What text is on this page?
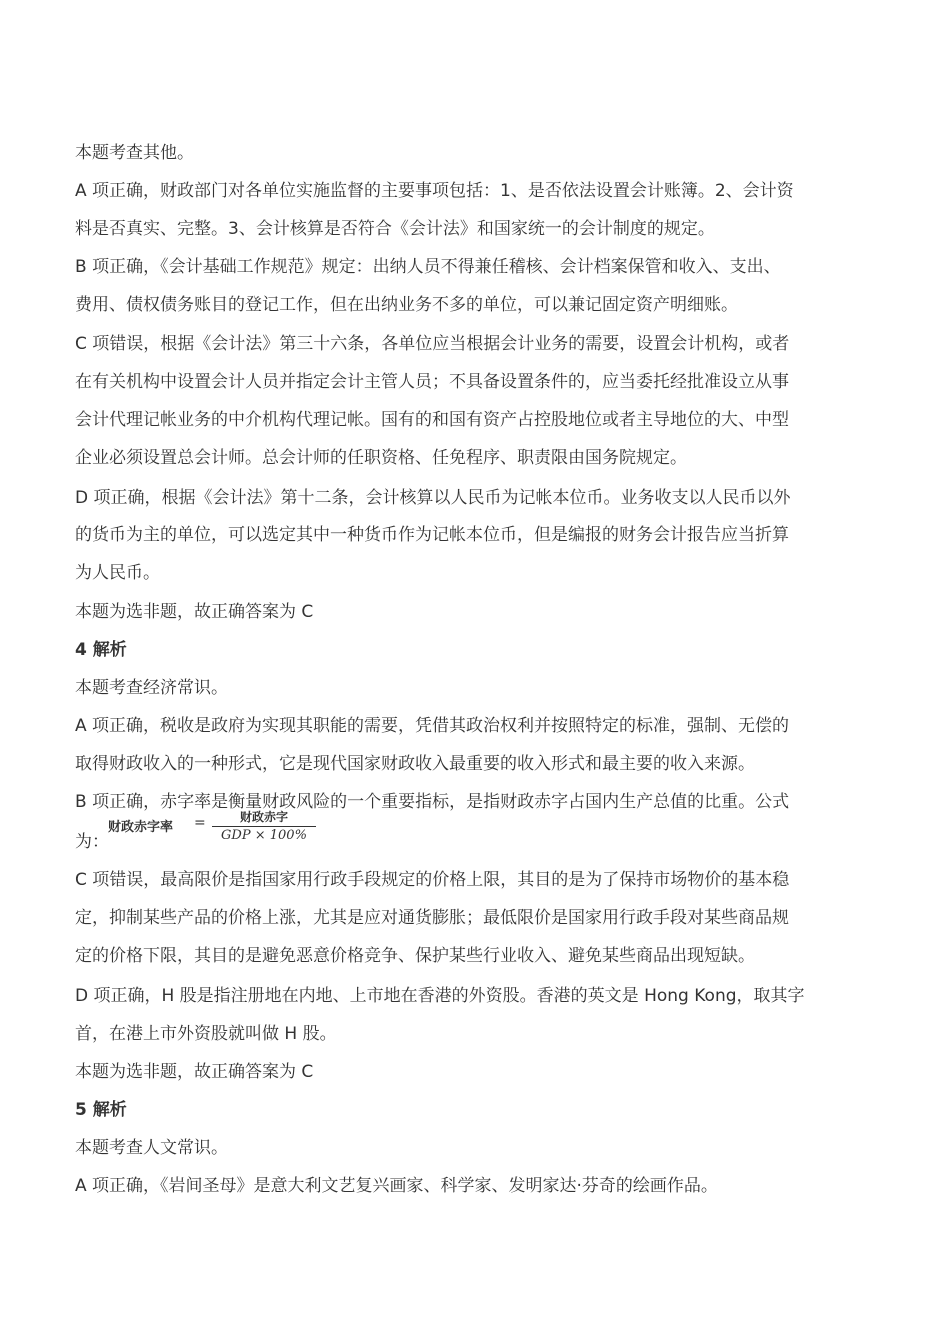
本题考查其他。
A 项正确，财政部门对各单位实施监督的主要事项包括：1、是否依法设置会计账簿。2、会计资
料是否真实、完整。3、会计核算是否符合《会计法》和国家统一的会计制度的规定。
B 项正确，《会计基础工作规范》规定：出纳人员不得兼任稽核、会计档案保管和收入、支出、
费用、债权债务账目的登记工作，但在出纳业务不多的单位，可以兼记固定资产明细账。
C 项错误，根据《会计法》第三十六条，各单位应当根据会计业务的需要，设置会计机构，或者
在有关机构中设置会计人员并指定会计主管人员；不具备设置条件的，应当委托经批准设立从事
会计代理记帐业务的中介机构代理记帐。国有的和国有资产占控股地位或者主导地位的大、中型
企业必须设置总会计师。总会计师的任职资格、任免程序、职责限由国务院规定。
D 项正确，根据《会计法》第十二条，会计核算以人民币为记帐本位币。业务收支以人民币以外
的货币为主的单位，可以选定其中一种货币作为记帐本位币，但是编报的财务会计报告应当折算
为人民币。
本题为选非题，故正确答案为 C
4 解析
本题考查经济常识。
A 项正确，税收是政府为实现其职能的需要，凭借其政治权利并按照特定的标准，强制、无偿的
取得财政收入的一种形式，它是现代国家财政收入最重要的收入形式和最主要的收入来源。
B 项正确，赤字率是衡量财政风险的一个重要指标，是指财政赤字占国内生产总值的比重。公式
为：
财政赤字率 =	财政赤字
GDP × 100%
C 项错误，最高限价是指国家用行政手段规定的价格上限，其目的是为了保持市场物价的基本稳
定，抑制某些产品的价格上涨，尤其是应对通货膨胀；最低限价是国家用行政手段对某些商品规
定的价格下限，其目的是避免恶意价格竞争、保护某些行业收入、避免某些商品出现短缺。
D 项正确，H 股是指注册地在内地、上市地在香港的外资股。香港的英文是 Hong Kong，取其字
首，在港上市外资股就叫做 H 股。
本题为选非题，故正确答案为 C
5 解析
本题考查人文常识。
A 项正确，《岩间圣母》是意大利文艺复兴画家、科学家、发明家达·芬奇的绘画作品。
